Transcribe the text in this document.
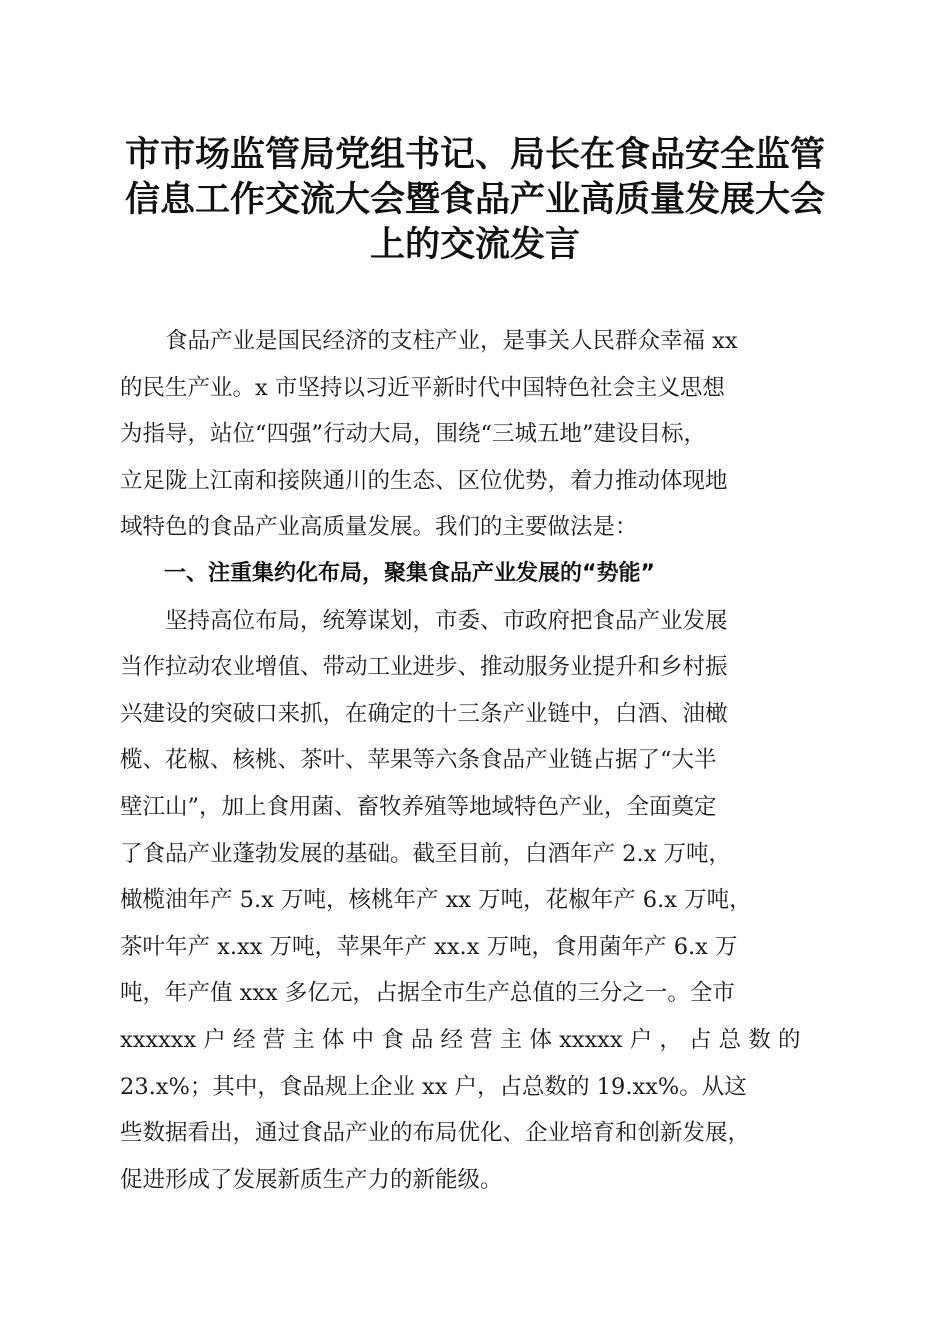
市市场监管局党组书记、局长在食品安全监管
信息工作交流大会暨食品产业高质量发展大会
上的交流发言
食品产业是国民经济的支柱产业，是事关人民群众幸福 xx
的民生产业。x 市坚持以习近平新时代中国特色社会主义思想
为指导，站位“四强”行动大局，围绕“三城五地”建设目标，
立足陇上江南和接陕通川的生态、区位优势，着力推动体现地
域特色的食品产业高质量发展。我们的主要做法是：
一、注重集约化布局，聚集食品产业发展的“势能”
坚持高位布局，统筹谋划，市委、市政府把食品产业发展
当作拉动农业增值、带动工业进步、推动服务业提升和乡村振
兴建设的突破口来抓，在确定的十三条产业链中，白酒、油橄
榄、花椒、核桃、茶叶、苹果等六条食品产业链占据了“大半
壁江山”，加上食用菌、畜牧养殖等地域特色产业，全面奠定
了食品产业蓬勃发展的基础。截至目前，白酒年产 2.x 万吨，
橄榄油年产 5.x 万吨，核桃年产 xx 万吨，花椒年产 6.x 万吨，
茶叶年产 x.xx 万吨，苹果年产 xx.x 万吨，食用菌年产 6.x 万
吨，年产值 xxx 多亿元，占据全市生产总值的三分之一。全市
xxxxxx 户 经 营 主 体 中 食 品 经 营 主 体 xxxxx 户 ， 占 总 数 的
23.x%；其中，食品规上企业 xx 户，占总数的 19.xx%。从这
些数据看出，通过食品产业的布局优化、企业培育和创新发展，
促进形成了发展新质生产力的新能级。
